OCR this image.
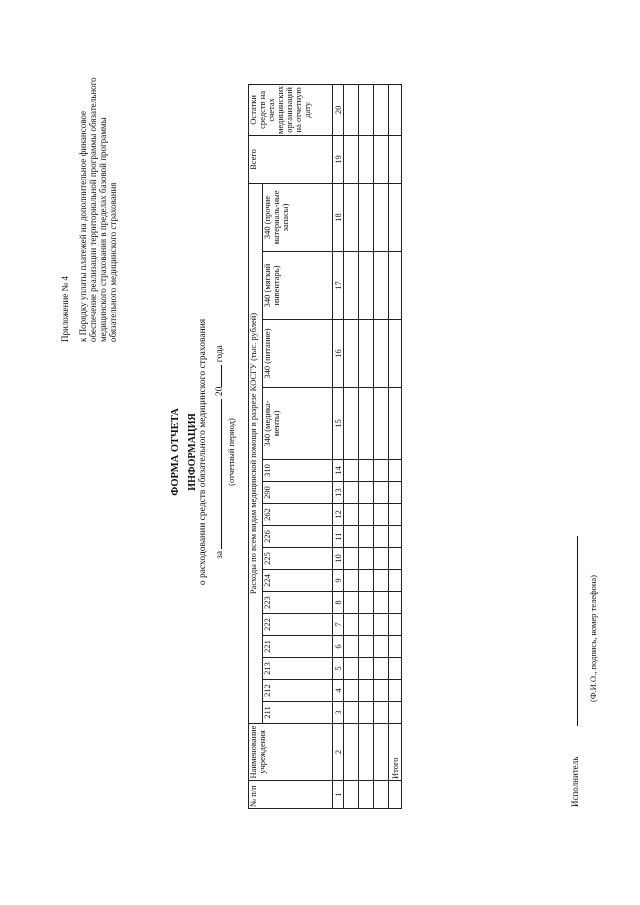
Приложение № 4 к Порядку уплаты платежей на дополнительное финансовое обеспечение реализации территориальной программы обязательного медицинского страхования в пределах базовой программы обязательного медицинского страхования
ФОРМА ОТЧЕТА ИНФОРМАЦИЯ о расходовании средств обязательного медицинского страхования за  20 года
(отчетный период)
№ п/п	Наименование учреждения	Расходы по всем видам медицинской помощи в разрезе КОСГУ (тыс. рублей)																Всего	Остатки средств на счетах медицинских организаций на отчетную дату
		211	212	213	221	222	223	224	225	226	262	290	310	340 (медика-менты)	340 (питание)	340 (мягкий инвентарь)	340 (прочие материаль-ные запасы)		
1	2	3	4	5	6	7	8	9	10	11	12	13	14	15	16	17	18	19	20

	Итого																			Исполнитель
(Ф.И.О., подпись, номер телефона)
